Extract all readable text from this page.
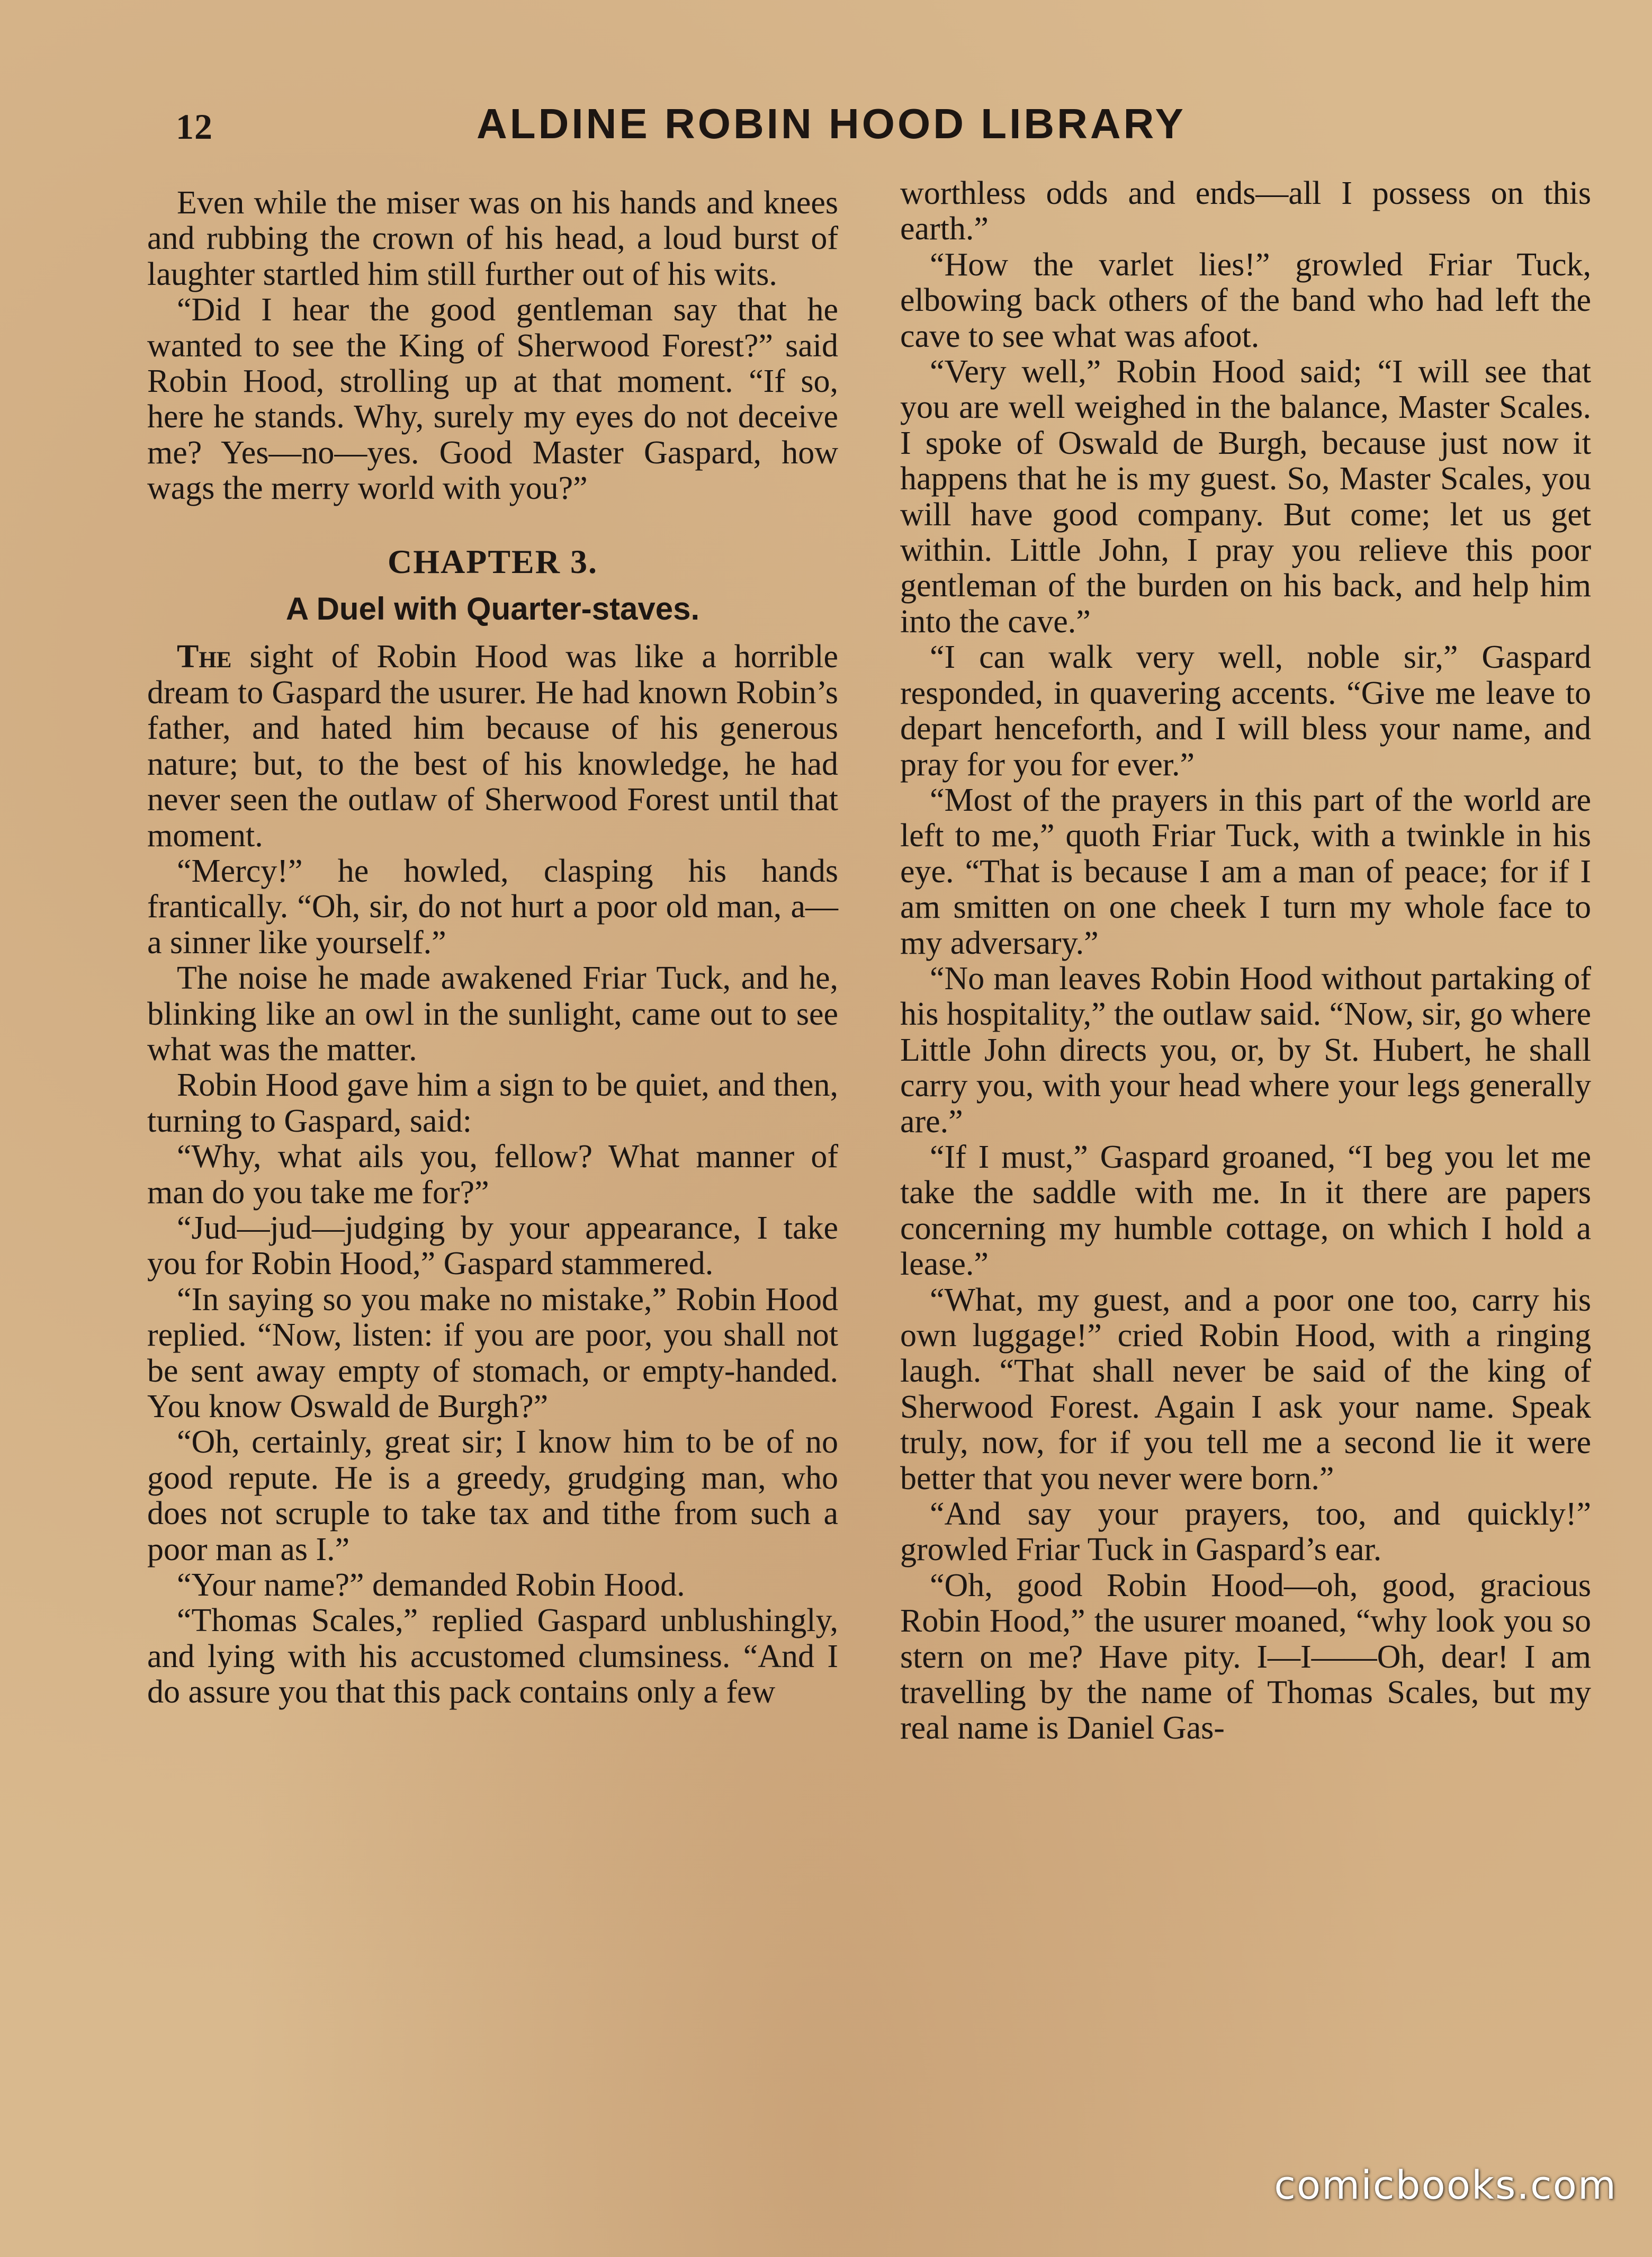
12	ALDINE ROBIN HOOD LIBRARY

Even while the miser was on his hands and knees and rubbing the crown of his head, a loud burst of laughter startled him still further out of his wits.

“Did I hear the good gentleman say that he wanted to see the King of Sherwood Forest?” said Robin Hood, strolling up at that moment. “If so, here he stands. Why, surely my eyes do not deceive me? Yes—no—yes. Good Master Gaspard, how wags the merry world with you?”

CHAPTER 3.
A Duel with Quarter-staves.

The sight of Robin Hood was like a horrible dream to Gaspard the usurer. He had known Robin’s father, and hated him because of his generous nature; but, to the best of his knowledge, he had never seen the outlaw of Sherwood Forest until that moment.

“Mercy!” he howled, clasping his hands frantically. “Oh, sir, do not hurt a poor old man, a—a sinner like yourself.”

The noise he made awakened Friar Tuck, and he, blinking like an owl in the sunlight, came out to see what was the matter.

Robin Hood gave him a sign to be quiet, and then, turning to Gaspard, said:

“Why, what ails you, fellow? What manner of man do you take me for?”

“Jud—jud—judging by your appearance, I take you for Robin Hood,” Gaspard stammered.

“In saying so you make no mistake,” Robin Hood replied. “Now, listen: if you are poor, you shall not be sent away empty of stomach, or empty-handed. You know Oswald de Burgh?”

“Oh, certainly, great sir; I know him to be of no good repute. He is a greedy, grudging man, who does not scruple to take tax and tithe from such a poor man as I.”

“Your name?” demanded Robin Hood.

“Thomas Scales,” replied Gaspard unblushingly, and lying with his accustomed clumsiness. “And I do assure you that this pack contains only a few

worthless odds and ends—all I possess on this earth.”

“How the varlet lies!” growled Friar Tuck, elbowing back others of the band who had left the cave to see what was afoot.

“Very well,” Robin Hood said; “I will see that you are well weighed in the balance, Master Scales. I spoke of Oswald de Burgh, because just now it happens that he is my guest. So, Master Scales, you will have good company. But come; let us get within. Little John, I pray you relieve this poor gentleman of the burden on his back, and help him into the cave.”

“I can walk very well, noble sir,” Gaspard responded, in quavering accents. “Give me leave to depart henceforth, and I will bless your name, and pray for you for ever.”

“Most of the prayers in this part of the world are left to me,” quoth Friar Tuck, with a twinkle in his eye. “That is because I am a man of peace; for if I am smitten on one cheek I turn my whole face to my adversary.”

“No man leaves Robin Hood without partaking of his hospitality,” the outlaw said. “Now, sir, go where Little John directs you, or, by St. Hubert, he shall carry you, with your head where your legs generally are.”

“If I must,” Gaspard groaned, “I beg you let me take the saddle with me. In it there are papers concerning my humble cottage, on which I hold a lease.”

“What, my guest, and a poor one too, carry his own luggage!” cried Robin Hood, with a ringing laugh. “That shall never be said of the king of Sherwood Forest. Again I ask your name. Speak truly, now, for if you tell me a second lie it were better that you never were born.”

“And say your prayers, too, and quickly!” growled Friar Tuck in Gaspard’s ear.

“Oh, good Robin Hood—oh, good, gracious Robin Hood,” the usurer moaned, “why look you so stern on me? Have pity. I—I——Oh, dear! I am travelling by the name of Thomas Scales, but my real name is Daniel Gas-

comicbooks.com
